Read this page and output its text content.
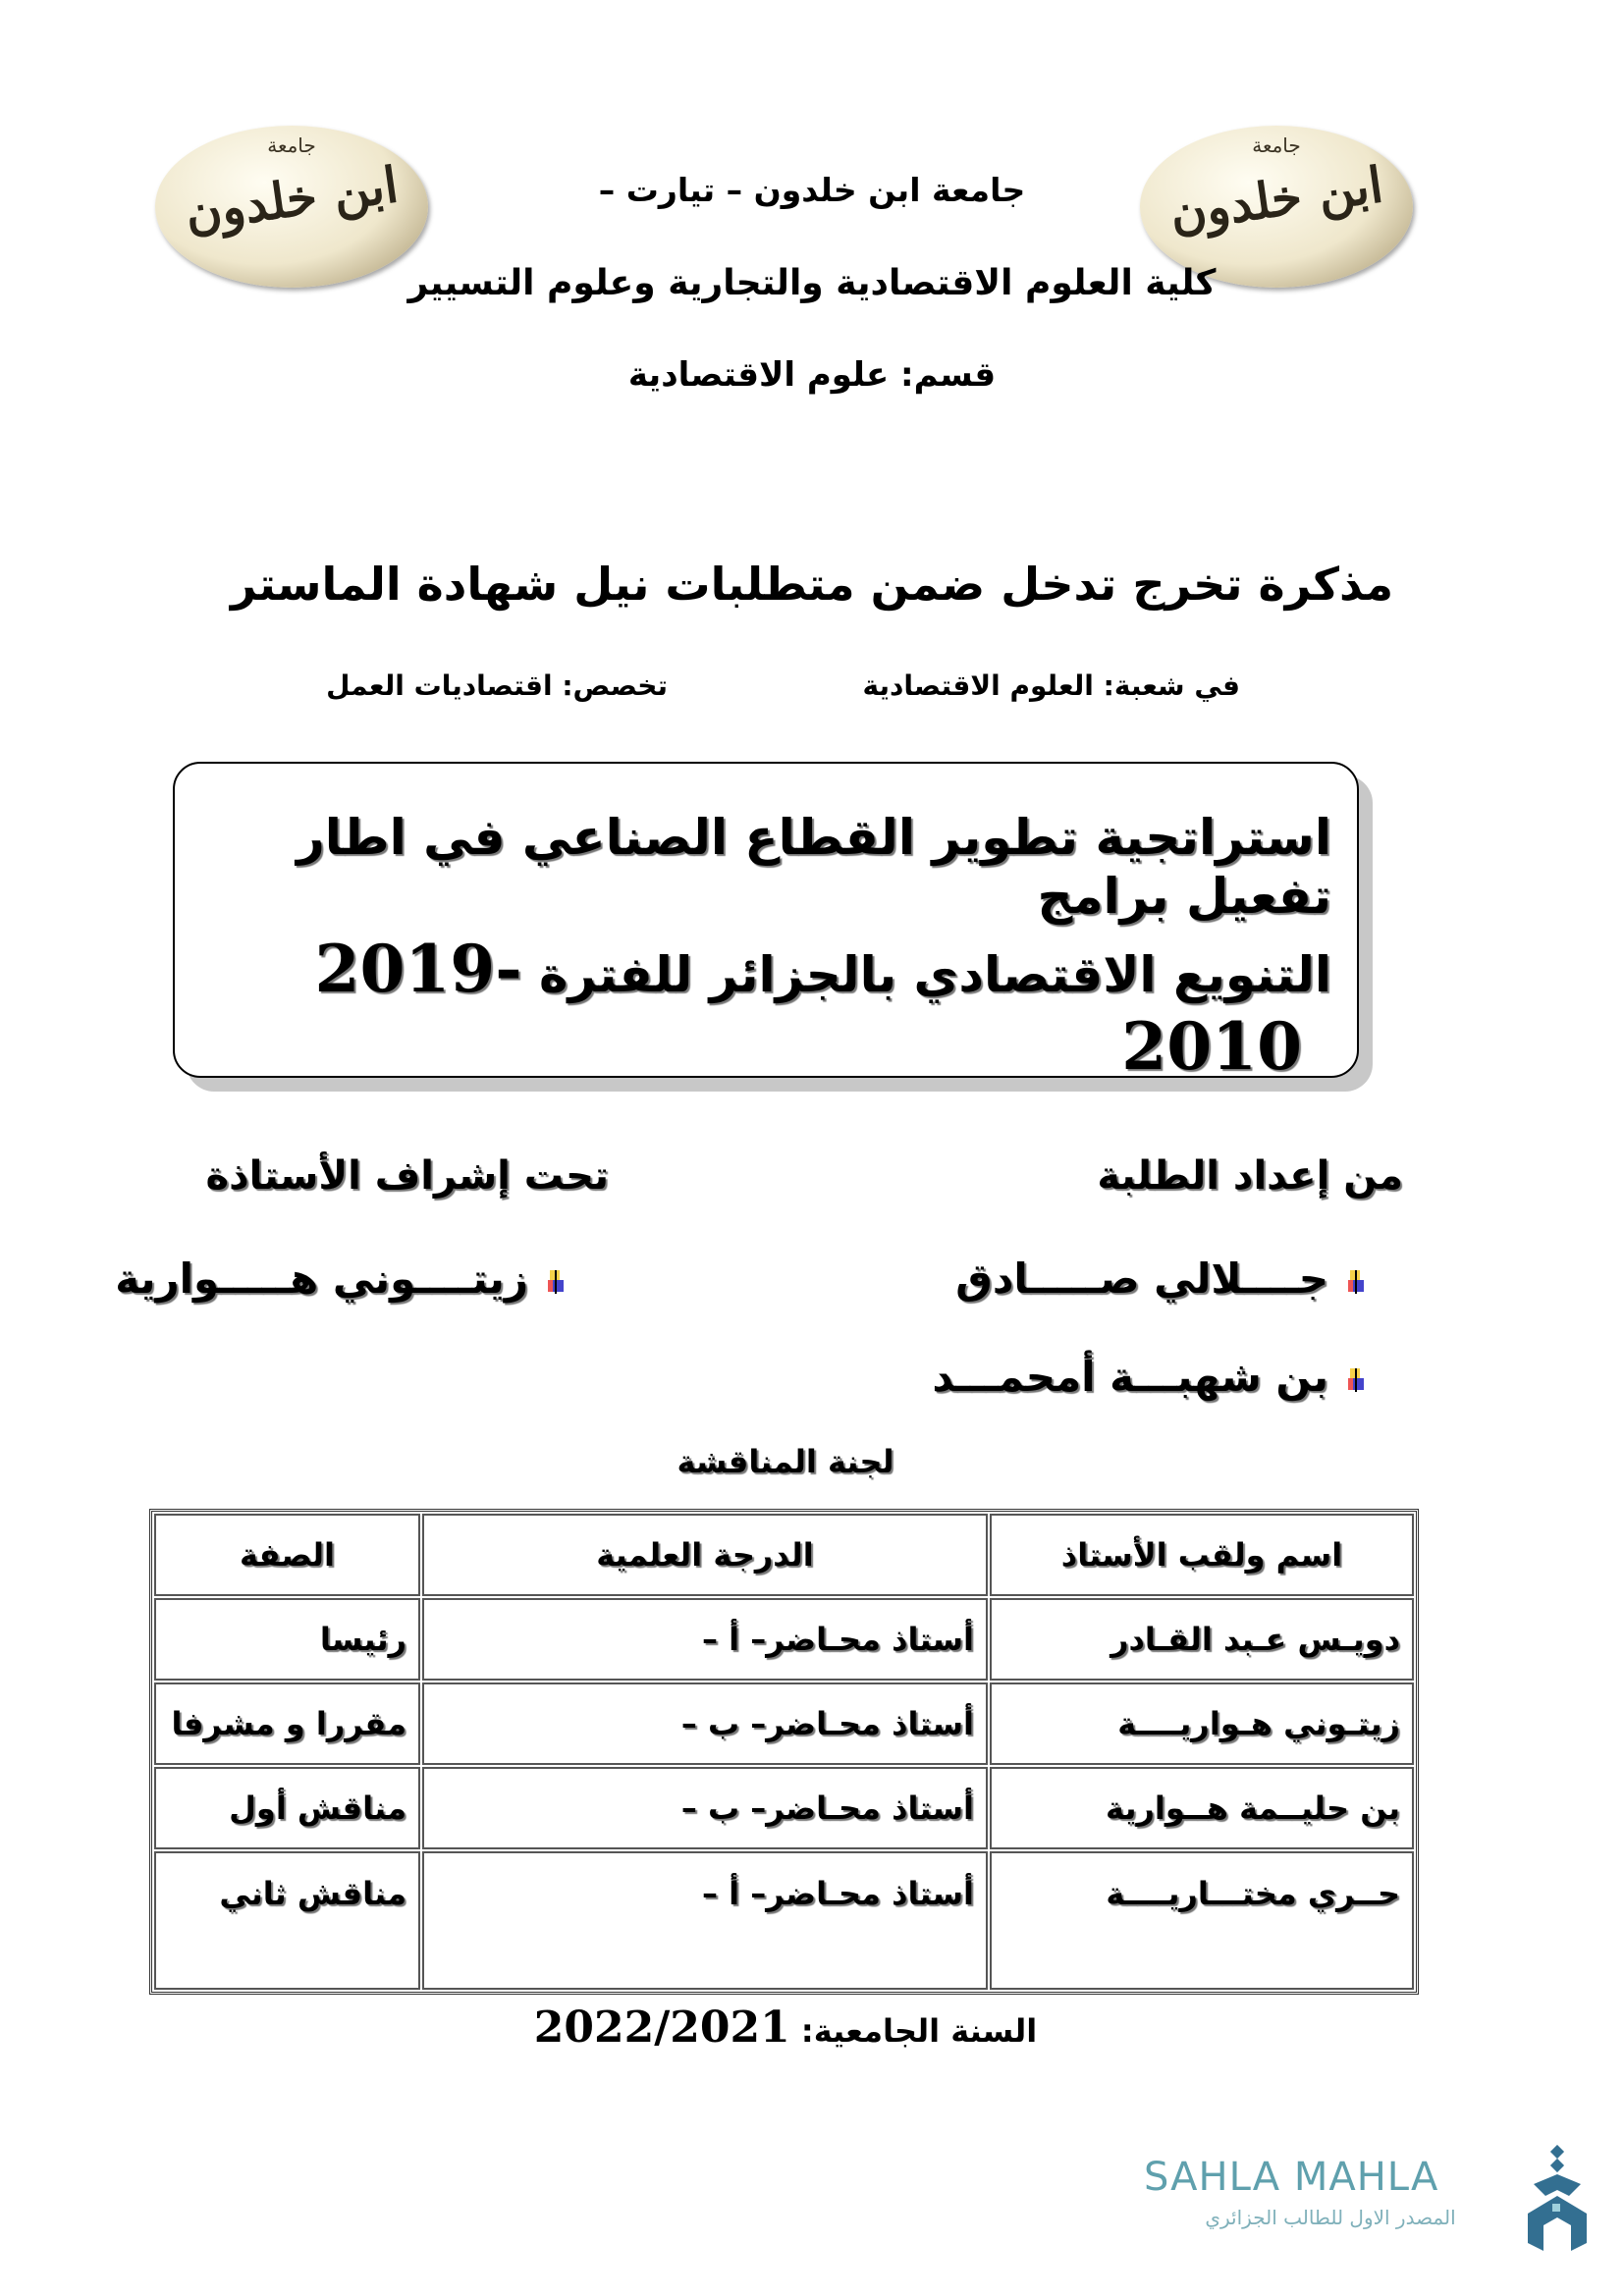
جامعة
ابن خلدون
جامعة
ابن خلدون
جامعة ابن خلدون – تيارت –
كلية العلوم الاقتصادية والتجارية وعلوم التسيير
قسم: علوم الاقتصادية
مذكرة تخرج تدخل ضمن متطلبات نيل شهادة الماستر
في شعبة: العلوم الاقتصادية
تخصص: اقتصاديات العمل
استراتجية تطوير القطاع الصناعي في اطار تفعيل برامج
التنويع الاقتصادي بالجزائر للفترة 2019-2010
من إعداد الطلبة
تحت إشراف الأستاذة
جــــلالي صـــــادق
بن شهبـــة أمحمـــد
زيتــــوني هـــــوارية
لجنة المناقشة
اسم ولقب الأستاذ	الدرجة العلمية	الصفة
دويـس عـبد القـادر	أستاذ محـاضر– أ –	رئيسا
زيتـوني هـواريــــة	أستاذ محـاضر– ب –	مقررا و مشرفا
بن حليــمة هــوارية	أستاذ محـاضر– ب –	مناقش أول
حــري مختـــاريــــة	أستاذ محـاضر– أ –	مناقش ثاني
السنة الجامعية: 2022/2021
SAHLA MAHLA
المصدر الاول للطالب الجزائري
